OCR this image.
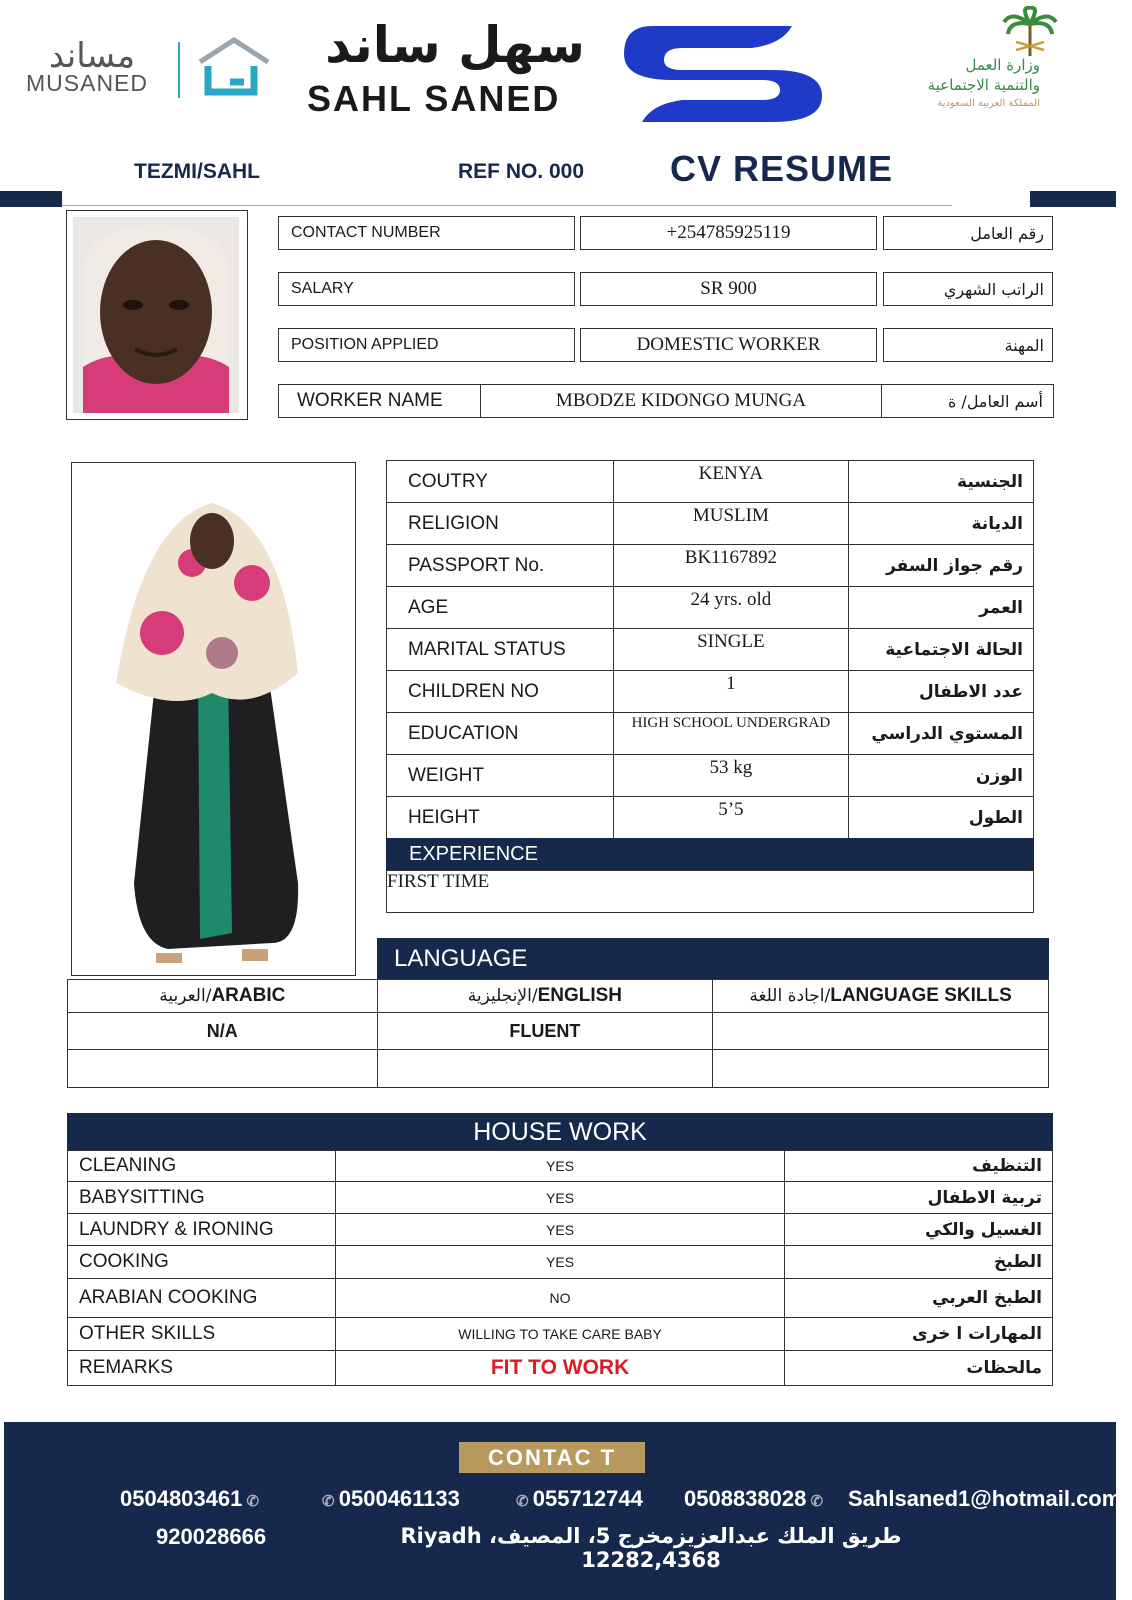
مساند
MUSANED
سهل ساند
SAHL SANED
وزارة العمل
والتنمية الاجتماعية
المملكة العربية السعودية
TEZMI/SAHL	REF NO. 000 CV RESUME
CONTACT NUMBER	+254785925119	رقم العامل
SALARY	SR 900	الراتب الشهري
POSITION APPLIED	DOMESTIC WORKER	المهنة
WORKER NAME	MBODZE KIDONGO MUNGA	أسم العامل/ ة
COUTRY	KENYA	الجنسية
RELIGION	MUSLIM	الديانة
PASSPORT No.	BK1167892	رقم جواز السفر
AGE	24 yrs. old	العمر
MARITAL STATUS	SINGLE	الحالة الاجتماعية
CHILDREN NO	1	عدد الاطفال
EDUCATION	HIGH SCHOOL UNDERGRAD	المستوي الدراسي
WEIGHT	53 kg	الوزن
HEIGHT	5’5	الطول
EXPERIENCE
FIRST TIME
LANGUAGE
العربية/ARABIC	الإنجليزية/ENGLISH	اجادة اللغة/LANGUAGE SKILLS
N/A	FLUENT	

HOUSE WORK
CLEANING	YES	التنظيف
BABYSITTING	YES	تربية الاطفال
LAUNDRY & IRONING	YES	الغسيل والكي
COOKING	YES	الطبخ
ARABIAN COOKING	NO	الطبخ العربي
OTHER SKILLS	WILLING TO TAKE CARE BABY	المهارات ا خرى
REMARKS	FIT TO WORK	مالحظات
CONTAC T
0504803461 ✆	✆ 0500461133	✆ 055712744 0508838028 ✆ Sahlsaned1@hotmail.com
920028666	طريق الملك عبدالعزيزمخرج 5، المصيف، Riyadh 12282,4368
